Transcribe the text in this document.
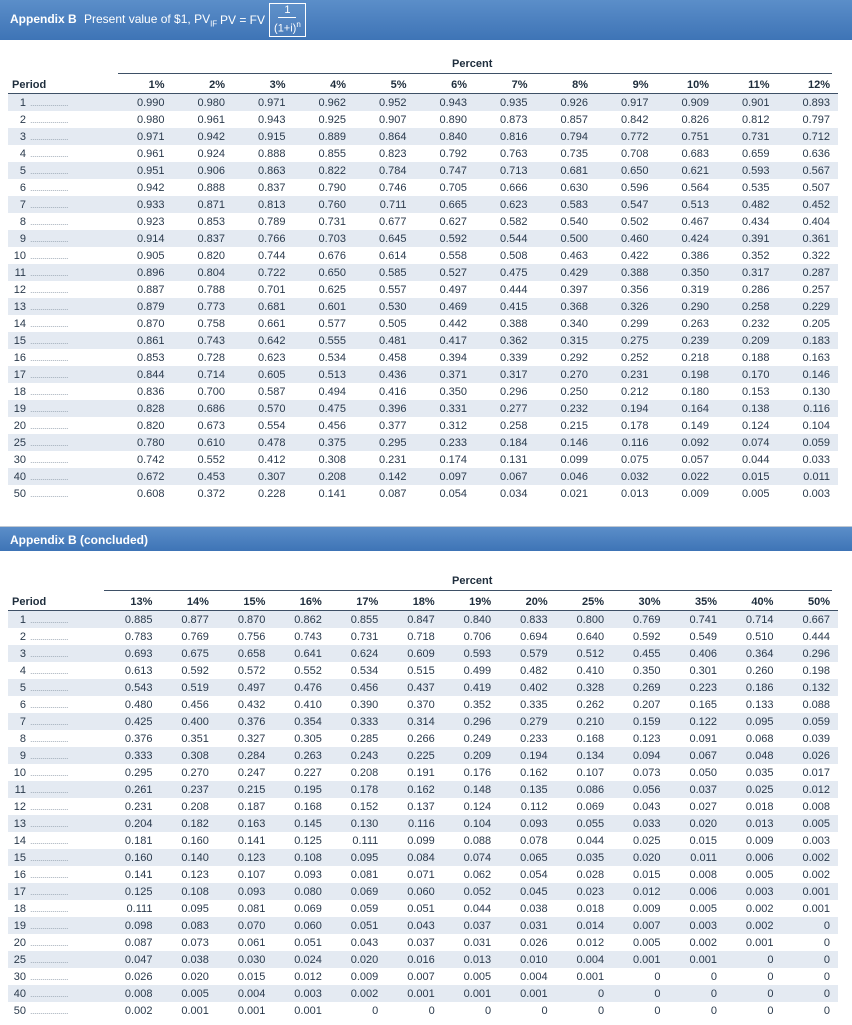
Appendix B Present value of $1, $PV_{IF}$ PV = FV $\frac{1}{(1+i)^n}$
Percent
Period	1%	2%	3%	4%	5%	6%	7%	8%	9%	10%	11%	12%
1 ...................	0.990	0.980	0.971	0.962	0.952	0.943	0.935	0.926	0.917	0.909	0.901	0.893
2 ...................	0.980	0.961	0.943	0.925	0.907	0.890	0.873	0.857	0.842	0.826	0.812	0.797
3 ...................	0.971	0.942	0.915	0.889	0.864	0.840	0.816	0.794	0.772	0.751	0.731	0.712
4 ...................	0.961	0.924	0.888	0.855	0.823	0.792	0.763	0.735	0.708	0.683	0.659	0.636
5 ...................	0.951	0.906	0.863	0.822	0.784	0.747	0.713	0.681	0.650	0.621	0.593	0.567
6 ...................	0.942	0.888	0.837	0.790	0.746	0.705	0.666	0.630	0.596	0.564	0.535	0.507
7 ...................	0.933	0.871	0.813	0.760	0.711	0.665	0.623	0.583	0.547	0.513	0.482	0.452
8 ...................	0.923	0.853	0.789	0.731	0.677	0.627	0.582	0.540	0.502	0.467	0.434	0.404
9 ...................	0.914	0.837	0.766	0.703	0.645	0.592	0.544	0.500	0.460	0.424	0.391	0.361
10 ...................	0.905	0.820	0.744	0.676	0.614	0.558	0.508	0.463	0.422	0.386	0.352	0.322
11 ...................	0.896	0.804	0.722	0.650	0.585	0.527	0.475	0.429	0.388	0.350	0.317	0.287
12 ...................	0.887	0.788	0.701	0.625	0.557	0.497	0.444	0.397	0.356	0.319	0.286	0.257
13 ...................	0.879	0.773	0.681	0.601	0.530	0.469	0.415	0.368	0.326	0.290	0.258	0.229
14 ...................	0.870	0.758	0.661	0.577	0.505	0.442	0.388	0.340	0.299	0.263	0.232	0.205
15 ...................	0.861	0.743	0.642	0.555	0.481	0.417	0.362	0.315	0.275	0.239	0.209	0.183
16 ...................	0.853	0.728	0.623	0.534	0.458	0.394	0.339	0.292	0.252	0.218	0.188	0.163
17 ...................	0.844	0.714	0.605	0.513	0.436	0.371	0.317	0.270	0.231	0.198	0.170	0.146
18 ...................	0.836	0.700	0.587	0.494	0.416	0.350	0.296	0.250	0.212	0.180	0.153	0.130
19 ...................	0.828	0.686	0.570	0.475	0.396	0.331	0.277	0.232	0.194	0.164	0.138	0.116
20 ...................	0.820	0.673	0.554	0.456	0.377	0.312	0.258	0.215	0.178	0.149	0.124	0.104
25 ...................	0.780	0.610	0.478	0.375	0.295	0.233	0.184	0.146	0.116	0.092	0.074	0.059
30 ...................	0.742	0.552	0.412	0.308	0.231	0.174	0.131	0.099	0.075	0.057	0.044	0.033
40 ...................	0.672	0.453	0.307	0.208	0.142	0.097	0.067	0.046	0.032	0.022	0.015	0.011
50 ...................	0.608	0.372	0.228	0.141	0.087	0.054	0.034	0.021	0.013	0.009	0.005	0.003
Appendix B (concluded)
Percent
Period	13%	14%	15%	16%	17%	18%	19%	20%	25%	30%	35%	40%	50%
1 ...................	0.885	0.877	0.870	0.862	0.855	0.847	0.840	0.833	0.800	0.769	0.741	0.714	0.667
2 ...................	0.783	0.769	0.756	0.743	0.731	0.718	0.706	0.694	0.640	0.592	0.549	0.510	0.444
3 ...................	0.693	0.675	0.658	0.641	0.624	0.609	0.593	0.579	0.512	0.455	0.406	0.364	0.296
4 ...................	0.613	0.592	0.572	0.552	0.534	0.515	0.499	0.482	0.410	0.350	0.301	0.260	0.198
5 ...................	0.543	0.519	0.497	0.476	0.456	0.437	0.419	0.402	0.328	0.269	0.223	0.186	0.132
6 ...................	0.480	0.456	0.432	0.410	0.390	0.370	0.352	0.335	0.262	0.207	0.165	0.133	0.088
7 ...................	0.425	0.400	0.376	0.354	0.333	0.314	0.296	0.279	0.210	0.159	0.122	0.095	0.059
8 ...................	0.376	0.351	0.327	0.305	0.285	0.266	0.249	0.233	0.168	0.123	0.091	0.068	0.039
9 ...................	0.333	0.308	0.284	0.263	0.243	0.225	0.209	0.194	0.134	0.094	0.067	0.048	0.026
10 ...................	0.295	0.270	0.247	0.227	0.208	0.191	0.176	0.162	0.107	0.073	0.050	0.035	0.017
11 ...................	0.261	0.237	0.215	0.195	0.178	0.162	0.148	0.135	0.086	0.056	0.037	0.025	0.012
12 ...................	0.231	0.208	0.187	0.168	0.152	0.137	0.124	0.112	0.069	0.043	0.027	0.018	0.008
13 ...................	0.204	0.182	0.163	0.145	0.130	0.116	0.104	0.093	0.055	0.033	0.020	0.013	0.005
14 ...................	0.181	0.160	0.141	0.125	0.111	0.099	0.088	0.078	0.044	0.025	0.015	0.009	0.003
15 ...................	0.160	0.140	0.123	0.108	0.095	0.084	0.074	0.065	0.035	0.020	0.011	0.006	0.002
16 ...................	0.141	0.123	0.107	0.093	0.081	0.071	0.062	0.054	0.028	0.015	0.008	0.005	0.002
17 ...................	0.125	0.108	0.093	0.080	0.069	0.060	0.052	0.045	0.023	0.012	0.006	0.003	0.001
18 ...................	0.111	0.095	0.081	0.069	0.059	0.051	0.044	0.038	0.018	0.009	0.005	0.002	0.001
19 ...................	0.098	0.083	0.070	0.060	0.051	0.043	0.037	0.031	0.014	0.007	0.003	0.002	0
20 ...................	0.087	0.073	0.061	0.051	0.043	0.037	0.031	0.026	0.012	0.005	0.002	0.001	0
25 ...................	0.047	0.038	0.030	0.024	0.020	0.016	0.013	0.010	0.004	0.001	0.001	0	0
30 ...................	0.026	0.020	0.015	0.012	0.009	0.007	0.005	0.004	0.001	0	0	0	0
40 ...................	0.008	0.005	0.004	0.003	0.002	0.001	0.001	0.001	0	0	0	0	0
50 ...................	0.002	0.001	0.001	0.001	0	0	0	0	0	0	0	0	0
